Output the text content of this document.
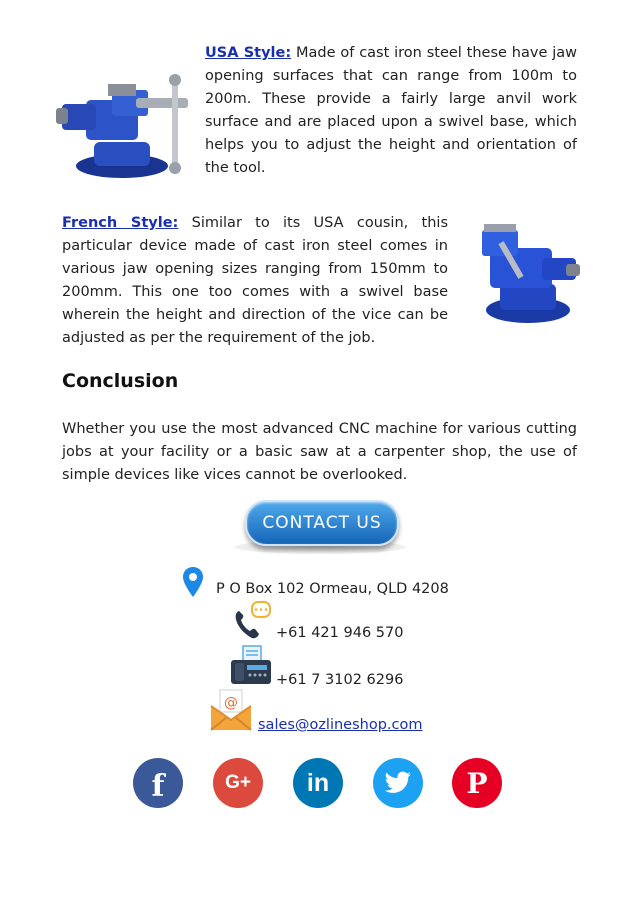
USA Style: Made of cast iron steel these have jaw opening surfaces that can range from 100m to 200m. These provide a fairly large anvil work surface and are placed upon a swivel base, which helps you to adjust the height and orientation of the tool.
French Style: Similar to its USA cousin, this particular device made of cast iron steel comes in various jaw opening sizes ranging from 150mm to 200mm. This one too comes with a swivel base wherein the height and direction of the vice can be adjusted as per the requirement of the job.
Conclusion
Whether you use the most advanced CNC machine for various cutting jobs at your facility or a basic saw at a carpenter shop, the use of simple devices like vices cannot be overlooked.
CONTACT US
P O Box 102 Ormeau, QLD 4208
+61 421 946 570
+61 7 3102 6296
@
sales@ozlineshop.com
f	G+ in	P
